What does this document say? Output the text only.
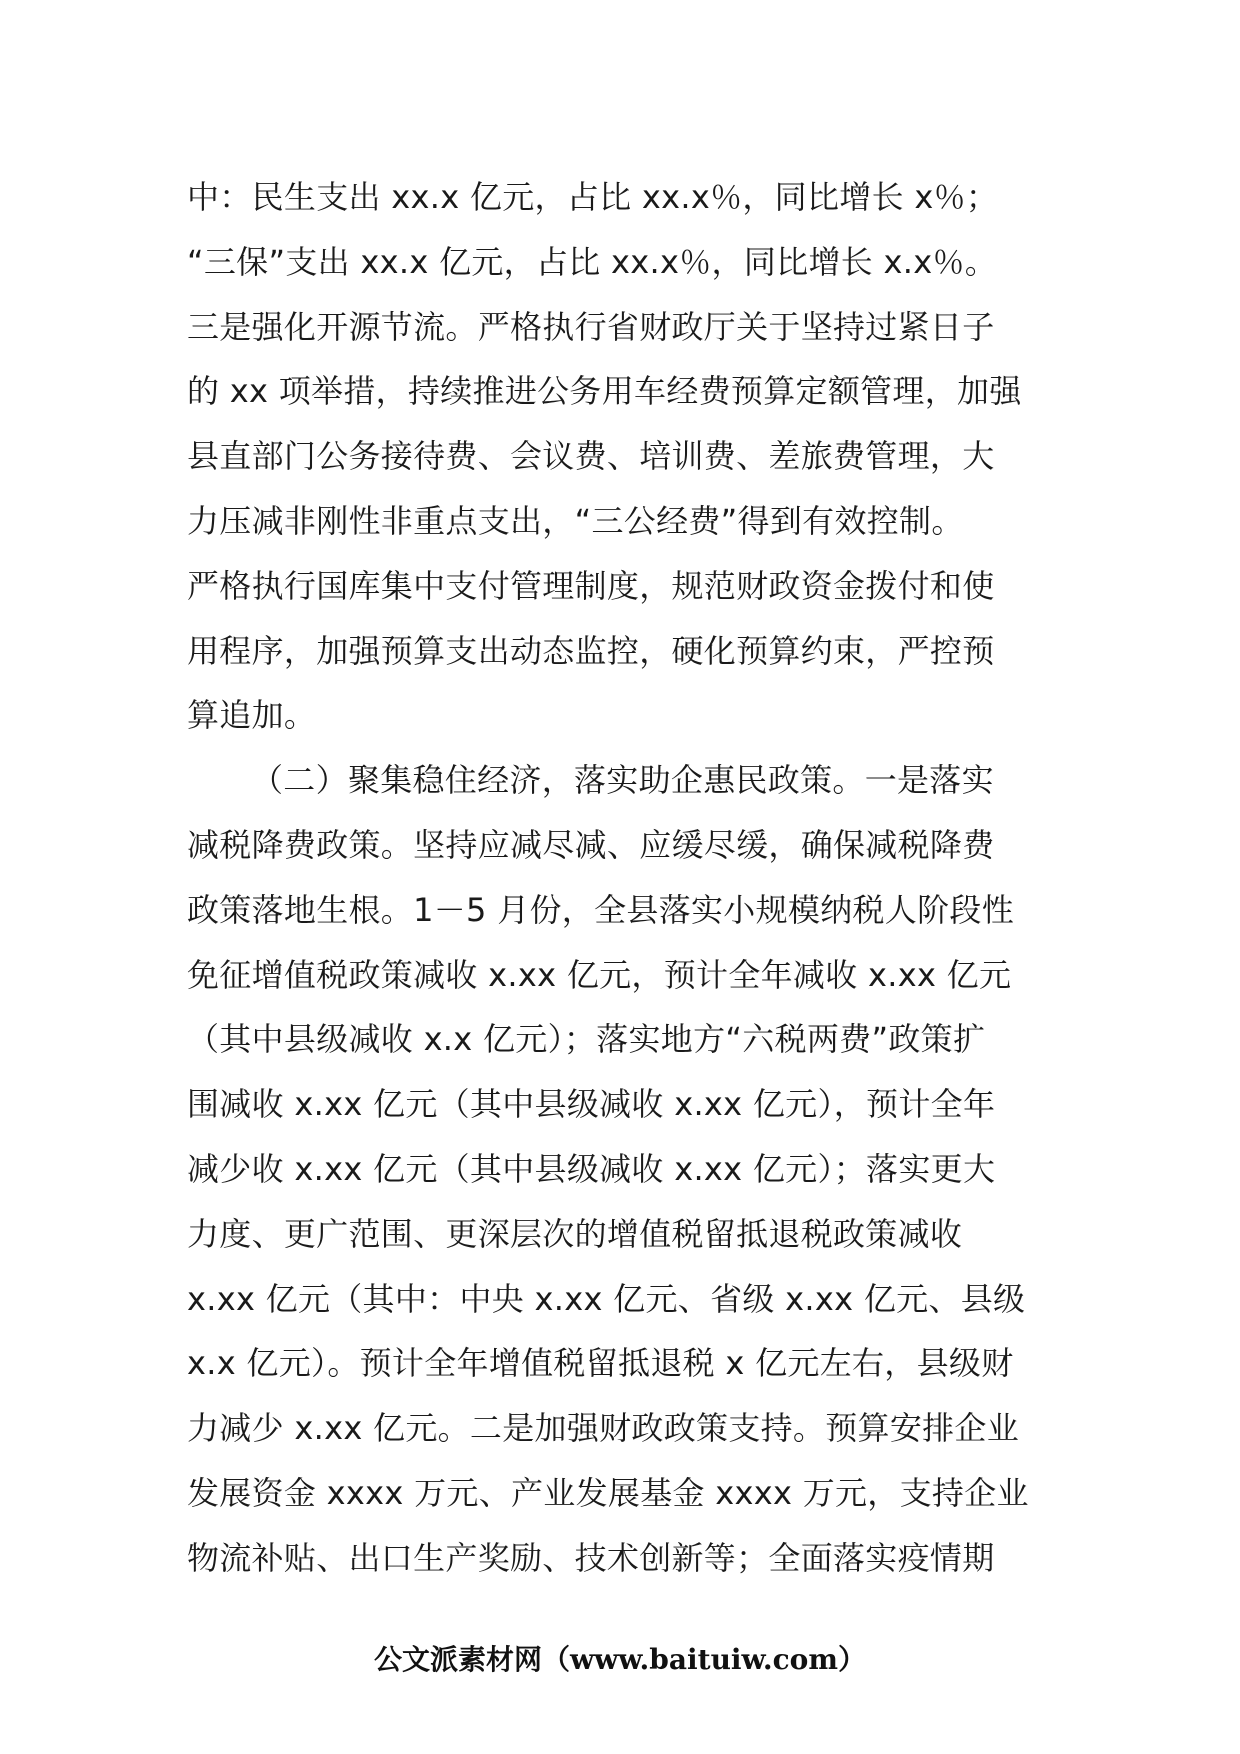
中：民生支出 xx.x 亿元，占比 xx.x％，同比增长 x％；
“三保”支出 xx.x 亿元，占比 xx.x％，同比增长 x.x％。
三是强化开源节流。严格执行省财政厅关于坚持过紧日子
的 xx 项举措，持续推进公务用车经费预算定额管理，加强
县直部门公务接待费、会议费、培训费、差旅费管理，大
力压减非刚性非重点支出，“三公经费”得到有效控制。
严格执行国库集中支付管理制度，规范财政资金拨付和使
用程序，加强预算支出动态监控，硬化预算约束，严控预
算追加。
（二）聚集稳住经济，落实助企惠民政策。一是落实
减税降费政策。坚持应减尽减、应缓尽缓，确保减税降费
政策落地生根。1－5 月份，全县落实小规模纳税人阶段性
免征增值税政策减收 x.xx 亿元，预计全年减收 x.xx 亿元
（其中县级减收 x.x 亿元）；落实地方“六税两费”政策扩
围减收 x.xx 亿元（其中县级减收 x.xx 亿元），预计全年
减少收 x.xx 亿元（其中县级减收 x.xx 亿元）；落实更大
力度、更广范围、更深层次的增值税留抵退税政策减收
x.xx 亿元（其中：中央 x.xx 亿元、省级 x.xx 亿元、县级
x.x 亿元）。预计全年增值税留抵退税 x 亿元左右，县级财
力减少 x.xx 亿元。二是加强财政政策支持。预算安排企业
发展资金 xxxx 万元、产业发展基金 xxxx 万元，支持企业
物流补贴、出口生产奖励、技术创新等；全面落实疫情期
公文派素材网（www.baituiw.com）
